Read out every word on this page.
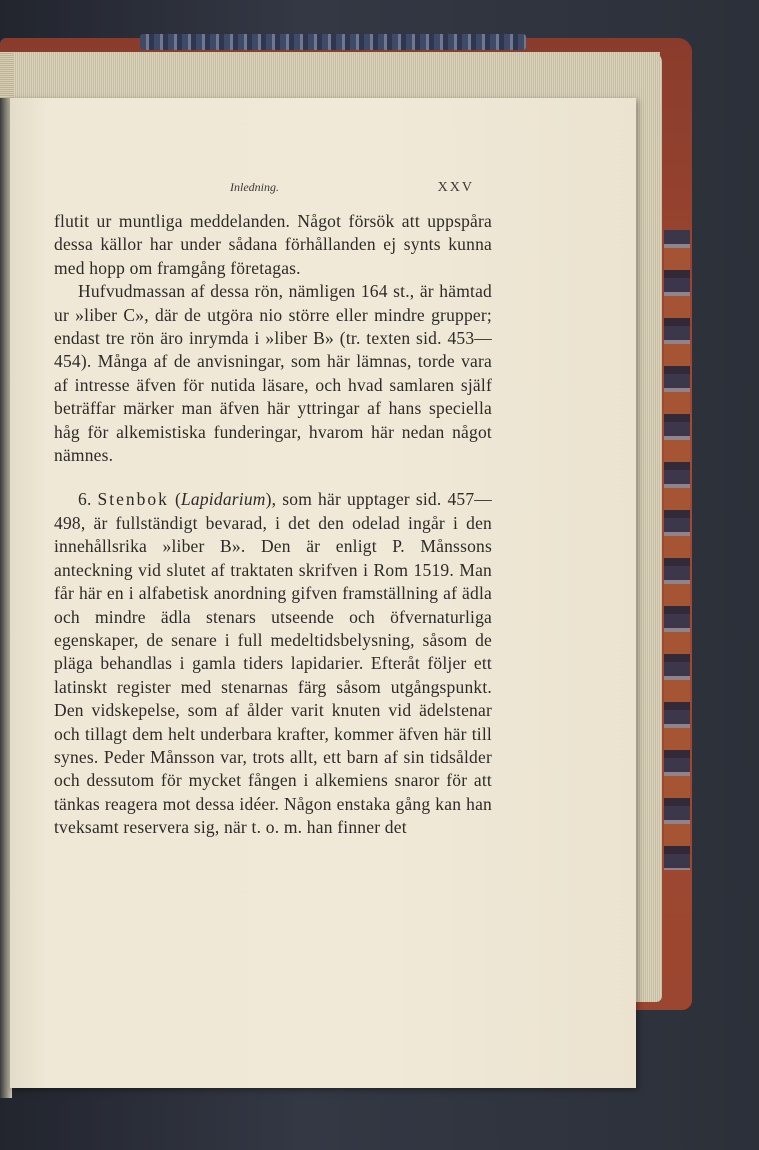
Inledning.	XXV

flutit ur muntliga meddelanden. Något försök att uppspåra dessa källor har under sådana förhållanden ej synts kunna med hopp om framgång företagas.

Hufvudmassan af dessa rön, nämligen 164 st., är hämtad ur »liber C», där de utgöra nio större eller mindre grupper; endast tre rön äro inrymda i »liber B» (tr. texten sid. 453—454). Många af de anvisningar, som här lämnas, torde vara af intresse äfven för nutida läsare, och hvad samlaren själf beträffar märker man äfven här yttringar af hans speciella håg för alkemistiska funderingar, hvarom här nedan något nämnes.

6. Stenbok (Lapidarium), som här upptager sid. 457—498, är fullständigt bevarad, i det den odelad ingår i den innehållsrika »liber B». Den är enligt P. Månssons anteckning vid slutet af traktaten skrifven i Rom 1519. Man får här en i alfabetisk anordning gifven framställning af ädla och mindre ädla stenars utseende och öfvernaturliga egenskaper, de senare i full medeltidsbelysning, såsom de pläga behandlas i gamla tiders lapidarier. Efteråt följer ett latinskt register med stenarnas färg såsom utgångspunkt. Den vidskepelse, som af ålder varit knuten vid ädelstenar och tillagt dem helt underbara krafter, kommer äfven här till synes. Peder Månsson var, trots allt, ett barn af sin tidsålder och dessutom för mycket fången i alkemiens snaror för att tänkas reagera mot dessa idéer. Någon enstaka gång kan han tveksamt reservera sig, när t. o. m. han finner det
